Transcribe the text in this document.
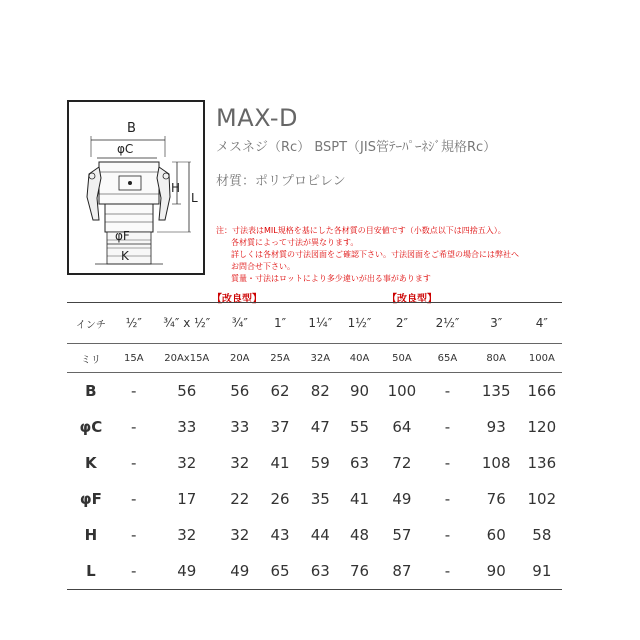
B
φC
φF
K
H
L
MAX-D
メスネジ（Rc） BSPT（JIS管ﾃｰﾊﾟｰﾈｼﾞ規格Rc）
材質：ポリプロピレン
注：寸法表はMIL規格を基にした各材質の目安値です（小数点以下は四捨五入）。
各材質によって寸法が異なります。
詳しくは各材質の寸法図面をご確認下さい。寸法図面をご希望の場合には弊社へ
お問合せ下さい。
質量・寸法はロットにより多少違いが出る事があります
【改良型】	【改良型】
インチ	½″	¾″ x ½″	¾″	1″	1¼″	1½″	2″	2½″	3″	4″
ミリ	15A	20Ax15A	20A	25A	32A	40A	50A	65A	80A	100A
B	-	56	56	62	82	90	100	-	135	166
φC	-	33	33	37	47	55	64	-	93	120
K	-	32	32	41	59	63	72	-	108	136
φF	-	17	22	26	35	41	49	-	76	102
H	-	32	32	43	44	48	57	-	60	58
L	-	49	49	65	63	76	87	-	90	91
